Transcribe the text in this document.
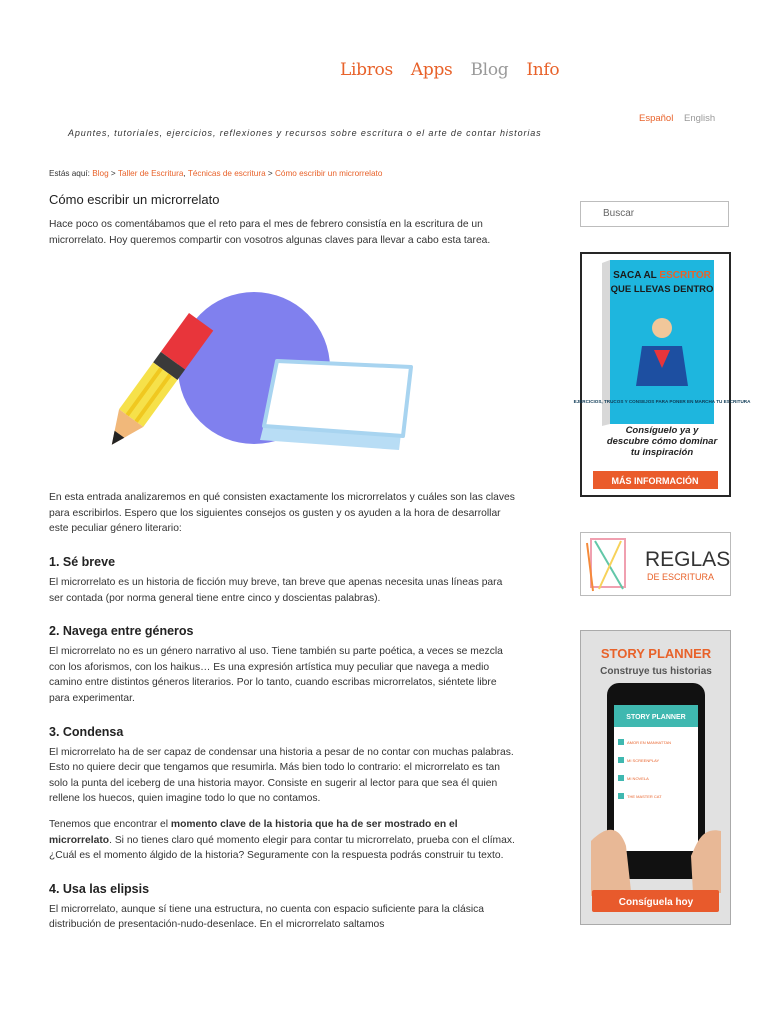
Libros Apps Blog Info
Español English
Apuntes, tutoriales, ejercicios, reflexiones y recursos sobre escritura o el arte de contar historias
Estás aquí: Blog > Taller de Escritura, Técnicas de escritura > Cómo escribir un microrrelato
Cómo escribir un microrrelato

Hace poco os comentábamos que el reto para el mes de febrero consistía en la escritura de un microrrelato. Hoy queremos compartir con vosotros algunas claves para llevar a cabo esta tarea.

En esta entrada analizaremos en qué consisten exactamente los microrrelatos y cuáles son las claves para escribirlos. Espero que los siguientes consejos os gusten y os ayuden a la hora de desarrollar este peculiar género literario:

1. Sé breve

El microrrelato es un historia de ficción muy breve, tan breve que apenas necesita unas líneas para ser contada (por norma general tiene entre cinco y doscientas palabras).

2. Navega entre géneros

El microrrelato no es un género narrativo al uso. Tiene también su parte poética, a veces se mezcla con los aforismos, con los haikus… Es una expresión artística muy peculiar que navega a medio camino entre distintos géneros literarios. Por lo tanto, cuando escribas microrrelatos, siéntete libre para experimentar.

3. Condensa

El microrrelato ha de ser capaz de condensar una historia a pesar de no contar con muchas palabras. Esto no quiere decir que tengamos que resumirla. Más bien todo lo contrario: el microrrelato es tan solo la punta del iceberg de una historia mayor. Consiste en sugerir al lector para que sea él quien rellene los huecos, quien imagine todo lo que no contamos.

Tenemos que encontrar el momento clave de la historia que ha de ser mostrado en el microrrelato. Si no tienes claro qué momento elegir para contar tu microrrelato, prueba con el clímax. ¿Cuál es el momento álgido de la historia? Seguramente con la respuesta podrás construir tu texto.

4. Usa las elipsis

El microrrelato, aunque sí tiene una estructura, no cuenta con espacio suficiente para la clásica distribución de presentación-nudo-desenlace. En el microrrelato saltamos

Buscar
SACA AL ESCRITOR
QUE LLEVAS DENTRO
EJERCICIOS, TRUCOS Y CONSEJOS PARA PONER EN MARCHA TU ESCRITURA
Consíguelo ya y descubre cómo dominar tu inspiración
MÁS INFORMACIÓN
REGLAS
DE ESCRITURA
STORY PLANNER
Construye tus historias
STORY PLANNER
AMOR EN MANHATTAN
MI SCREENPLAY
MI NOVELA
THE MASTER CAT
Consíguela hoy
